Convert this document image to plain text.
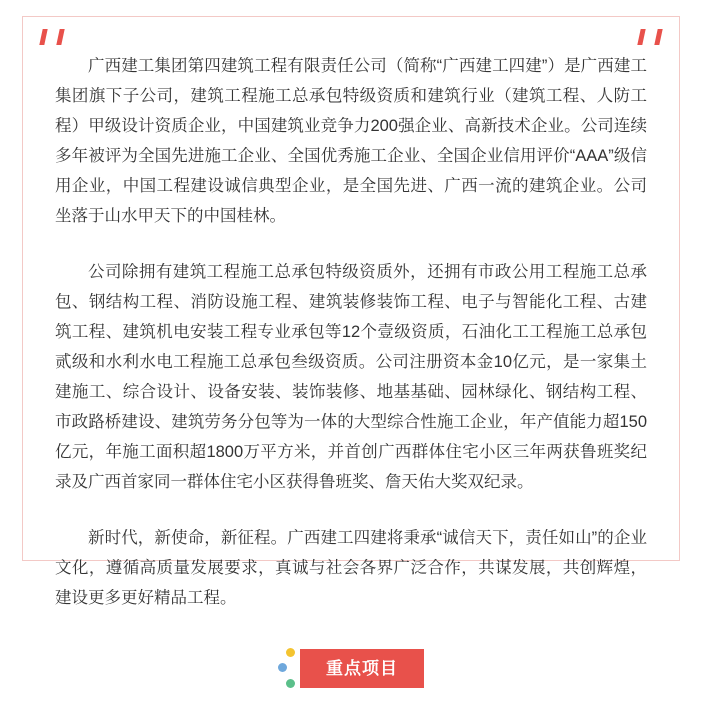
广西建工集团第四建筑工程有限责任公司（简称“广西建工四建”）是广西建工集团旗下子公司，建筑工程施工总承包特级资质和建筑行业（建筑工程、人防工程）甲级设计资质企业，中国建筑业竞争力200强企业、高新技术企业。公司连续多年被评为全国先进施工企业、全国优秀施工企业、全国企业信用评价“AAA”级信用企业，中国工程建设诚信典型企业，是全国先进、广西一流的建筑企业。公司坐落于山水甲天下的中国桂林。

公司除拥有建筑工程施工总承包特级资质外，还拥有市政公用工程施工总承包、钢结构工程、消防设施工程、建筑装修装饰工程、电子与智能化工程、古建筑工程、建筑机电安装工程专业承包等12个壹级资质，石油化工工程施工总承包贰级和水利水电工程施工总承包叁级资质。公司注册资本金10亿元，是一家集土建施工、综合设计、设备安装、装饰装修、地基基础、园林绿化、钢结构工程、市政路桥建设、建筑劳务分包等为一体的大型综合性施工企业，年产值能力超150亿元，年施工面积超1800万平方米，并首创广西群体住宅小区三年两获鲁班奖纪录及广西首家同一群体住宅小区获得鲁班奖、詹天佑大奖双纪录。

新时代，新使命，新征程。广西建工四建将秉承“诚信天下，责任如山”的企业文化，遵循高质量发展要求，真诚与社会各界广泛合作，共谋发展，共创辉煌，建设更多更好精品工程。

重点项目
